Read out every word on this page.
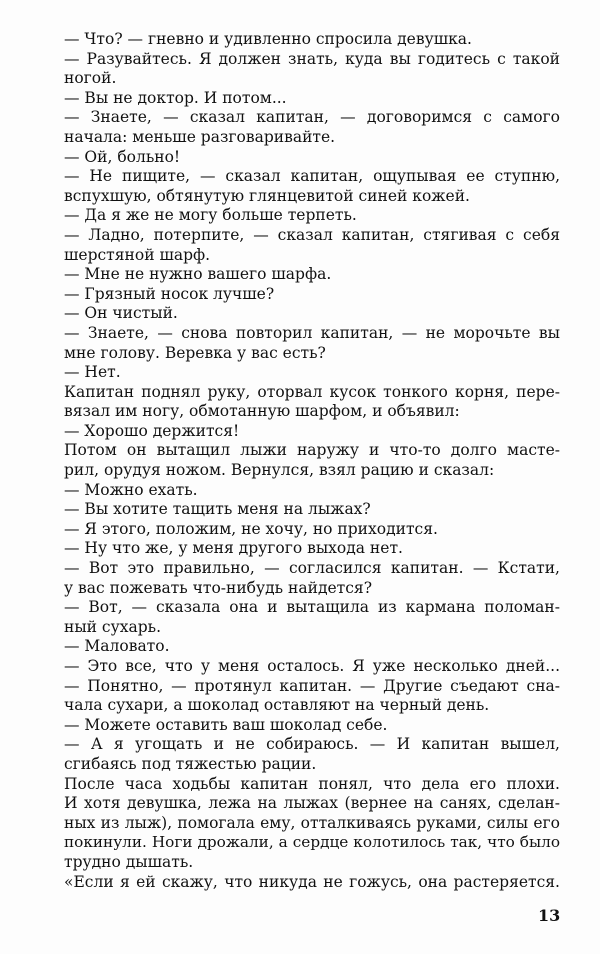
— Что? — гневно и удивленно спросила девушка.
— Разувайтесь. Я должен знать, куда вы годитесь с такой
ногой.
— Вы не доктор. И потом...
— Знаете, — сказал капитан, — договоримся с самого
начала: меньше разговаривайте.
— Ой, больно!
— Не пищите, — сказал капитан, ощупывая ее ступню,
вспухшую, обтянутую глянцевитой синей кожей.
— Да я же не могу больше терпеть.
— Ладно, потерпите, — сказал капитан, стягивая с себя
шерстяной шарф.
— Мне не нужно вашего шарфа.
— Грязный носок лучше?
— Он чистый.
— Знаете, — снова повторил капитан, — не морочьте вы
мне голову. Веревка у вас есть?
— Нет.
Капитан поднял руку, оторвал кусок тонкого корня, пере-
вязал им ногу, обмотанную шарфом, и объявил:
— Хорошо держится!
Потом он вытащил лыжи наружу и что-то долго масте-
рил, орудуя ножом. Вернулся, взял рацию и сказал:
— Можно ехать.
— Вы хотите тащить меня на лыжах?
— Я этого, положим, не хочу, но приходится.
— Ну что же, у меня другого выхода нет.
— Вот это правильно, — согласился капитан. — Кстати,
у вас пожевать что-нибудь найдется?
— Вот, — сказала она и вытащила из кармана поломан-
ный сухарь.
— Маловато.
— Это все, что у меня осталось. Я уже несколько дней...
— Понятно, — протянул капитан. — Другие съедают сна-
чала сухари, а шоколад оставляют на черный день.
— Можете оставить ваш шоколад себе.
— А я угощать и не собираюсь. — И капитан вышел,
сгибаясь под тяжестью рации.
После часа ходьбы капитан понял, что дела его плохи.
И хотя девушка, лежа на лыжах (вернее на санях, сделан-
ных из лыж), помогала ему, отталкиваясь руками, силы его
покинули. Ноги дрожали, а сердце колотилось так, что было
трудно дышать.
«Если я ей скажу, что никуда не гожусь, она растеряется.
13
